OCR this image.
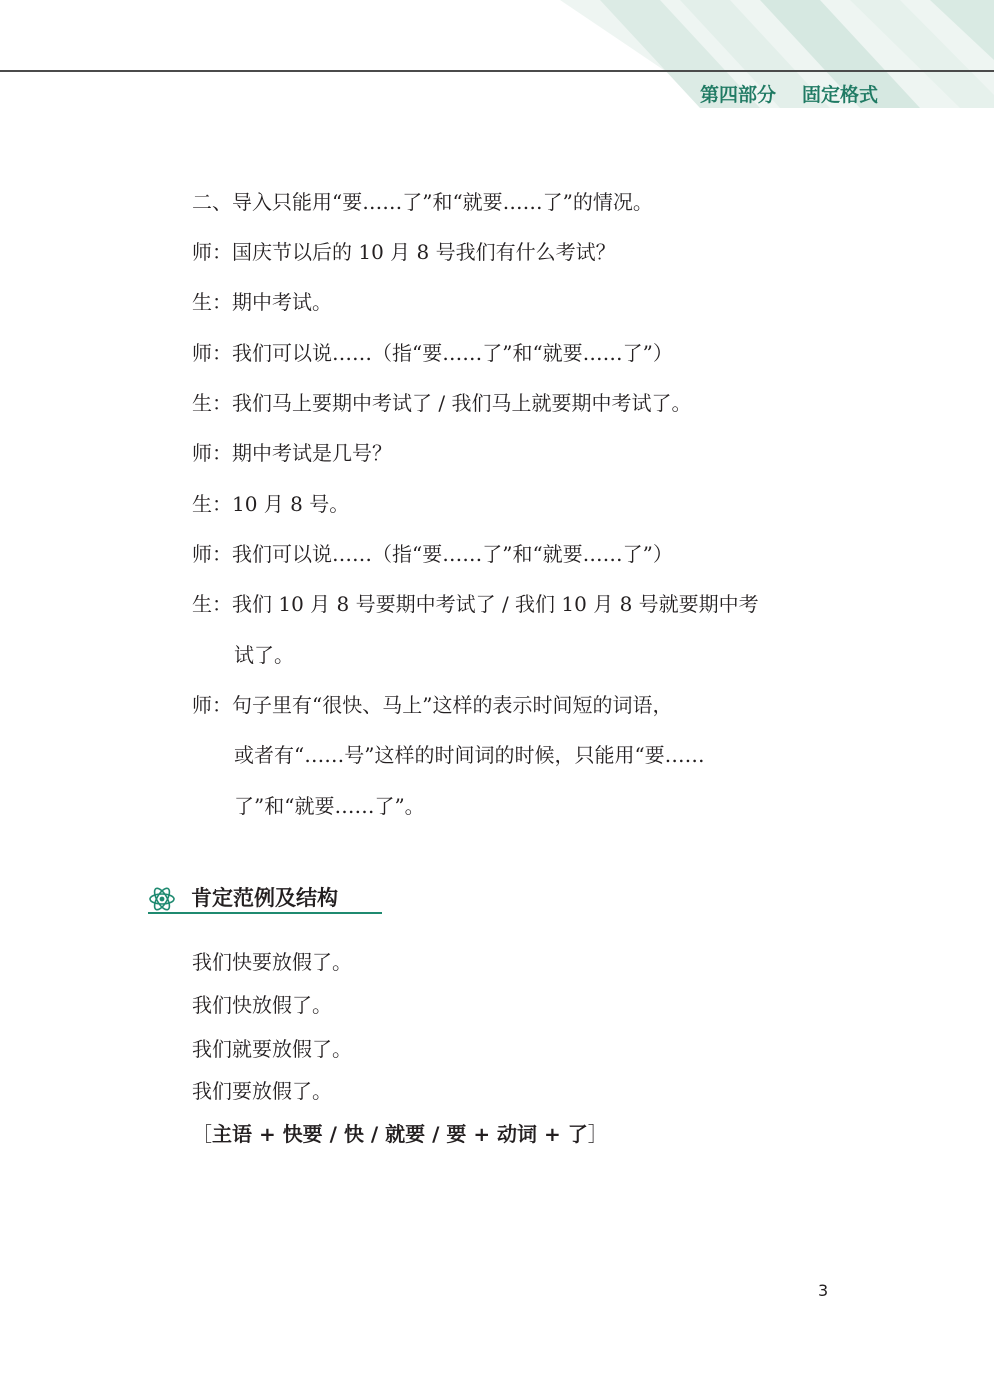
第四部分 固定格式
二、导入只能用“要……了”和“就要……了”的情况。
师：国庆节以后的 10 月 8 号我们有什么考试？
生：期中考试。
师：我们可以说……（指“要……了”和“就要……了”）
生：我们马上要期中考试了 / 我们马上就要期中考试了。
师：期中考试是几号？
生：10 月 8 号。
师：我们可以说……（指“要……了”和“就要……了”）
生：我们 10 月 8 号要期中考试了 / 我们 10 月 8 号就要期中考
试了。
师：句子里有“很快、马上”这样的表示时间短的词语，
或者有“……号”这样的时间词的时候，只能用“要……
了”和“就要……了”。
肯定范例及结构
我们快要放假了。
我们快放假了。
我们就要放假了。
我们要放假了。
［主语 + 快要 / 快 / 就要 / 要 + 动词 + 了］
3
